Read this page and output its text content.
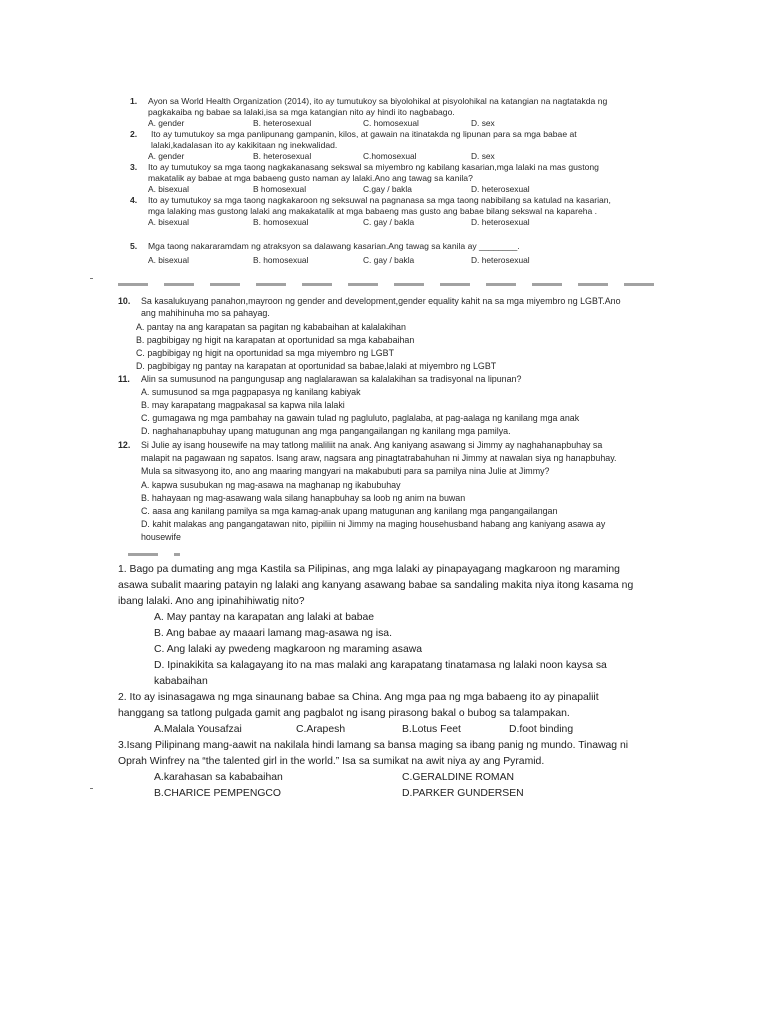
1. Ayon sa World Health Organization (2014), ito ay tumutukoy sa biyolohikal at pisyolohikal na katangian na nagtatakda ng
pagkakaiba ng babae sa lalaki,isa sa mga katangian nito ay hindi ito nagbabago.
A. gender	B. heterosexual	C. homosexual	D. sex
2. Ito ay tumutukoy sa mga panlipunang gampanin, kilos, at gawain na itinatakda ng lipunan para sa mga babae at
lalaki,kadalasan ito ay kakikitaan ng inekwalidad.
A. gender	B. heterosexual	C.homosexual	D. sex
3. Ito ay tumutukoy sa mga taong nagkakanasang sekswal sa miyembro ng kabilang kasarian,mga lalaki na mas gustong
makatalik ay babae at mga babaeng gusto naman ay lalaki.Ano ang tawag sa kanila?
A. bisexual	B homosexual	C.gay / bakla	D. heterosexual
4. Ito ay tumutukoy sa mga taong nagkakaroon ng seksuwal na pagnanasa sa mga taong nabibilang sa katulad na kasarian,
mga lalaking mas gustong lalaki ang makakatalik at mga babaeng mas gusto ang babae bilang sekswal na kapareha .
A. bisexual	B. homosexual	C. gay / bakla	D. heterosexual
5. Mga taong nakararamdam ng atraksyon sa dalawang kasarian.Ang tawag sa kanila ay ________.
A. bisexual	B. homosexual	C. gay / bakla	D. heterosexual
10. Sa kasalukuyang panahon,mayroon ng gender and development,gender equality kahit na sa mga miyembro ng LGBT.Ano
ang mahihinuha mo sa pahayag.
A. pantay na ang karapatan sa pagitan ng kababaihan at kalalakihan
B. pagbibigay ng higit na karapatan at oportunidad sa mga kababaihan
C. pagbibigay ng higit na oportunidad sa mga miyembro ng LGBT
D. pagbibigay ng pantay na karapatan at oportunidad sa babae,lalaki at miyembro ng LGBT
11. Alin sa sumusunod na pangungusap ang naglalarawan sa kalalakihan sa tradisyonal na lipunan?
A. sumusunod sa mga pagpapasya ng kanilang kabiyak
B. may karapatang magpakasal sa kapwa nila lalaki
C. gumagawa ng mga pambahay na gawain tulad ng pagluluto, paglalaba, at pag-aalaga ng kanilang mga anak
D. naghahanapbuhay upang matugunan ang mga pangangailangan ng kanilang mga pamilya.
12. Si Julie ay isang housewife na may tatlong maliliit na anak. Ang kaniyang asawang si Jimmy ay naghahanapbuhay sa
malapit na pagawaan ng sapatos. Isang araw, nagsara ang pinagtatrabahuhan ni Jimmy at nawalan siya ng hanapbuhay.
Mula sa sitwasyong ito, ano ang maaring mangyari na makabubuti para sa pamilya nina Julie at Jimmy?
A. kapwa susubukan ng mag-asawa na maghanap ng ikabubuhay
B. hahayaan ng mag-asawang wala silang hanapbuhay sa loob ng anim na buwan
C. aasa ang kanilang pamilya sa mga kamag-anak upang matugunan ang kanilang mga pangangailangan
D. kahit malakas ang pangangatawan nito, pipiliin ni Jimmy na maging househusband habang ang kaniyang asawa ay
housewife
1. Bago pa dumating ang mga Kastila sa Pilipinas, ang mga lalaki ay pinapayagang magkaroon ng maraming
asawa subalit maaring patayin ng lalaki ang kanyang asawang babae sa sandaling makita niya itong kasama ng
ibang lalaki. Ano ang ipinahihiwatig nito?
A. May pantay na karapatan ang lalaki at babae
B. Ang babae ay maaari lamang mag-asawa ng isa.
C. Ang lalaki ay pwedeng magkaroon ng maraming asawa
D. Ipinakikita sa kalagayang ito na mas malaki ang karapatang tinatamasa ng lalaki noon kaysa sa
kababaihan
2. Ito ay isinasagawa ng mga sinaunang babae sa China. Ang mga paa ng mga babaeng ito ay pinapaliit
hanggang sa tatlong pulgada gamit ang pagbalot ng isang pirasong bakal o bubog sa talampakan.
A.Malala Yousafzai	C.Arapesh	B.Lotus Feet	D.foot binding
3.Isang Pilipinang mang-aawit na nakilala hindi lamang sa bansa maging sa ibang panig ng mundo. Tinawag ni
Oprah Winfrey na “the talented girl in the world.” Isa sa sumikat na awit niya ay ang Pyramid.
A.karahasan sa kababaihan	C.GERALDINE ROMAN
B.CHARICE PEMPENGCO	D.PARKER GUNDERSEN
